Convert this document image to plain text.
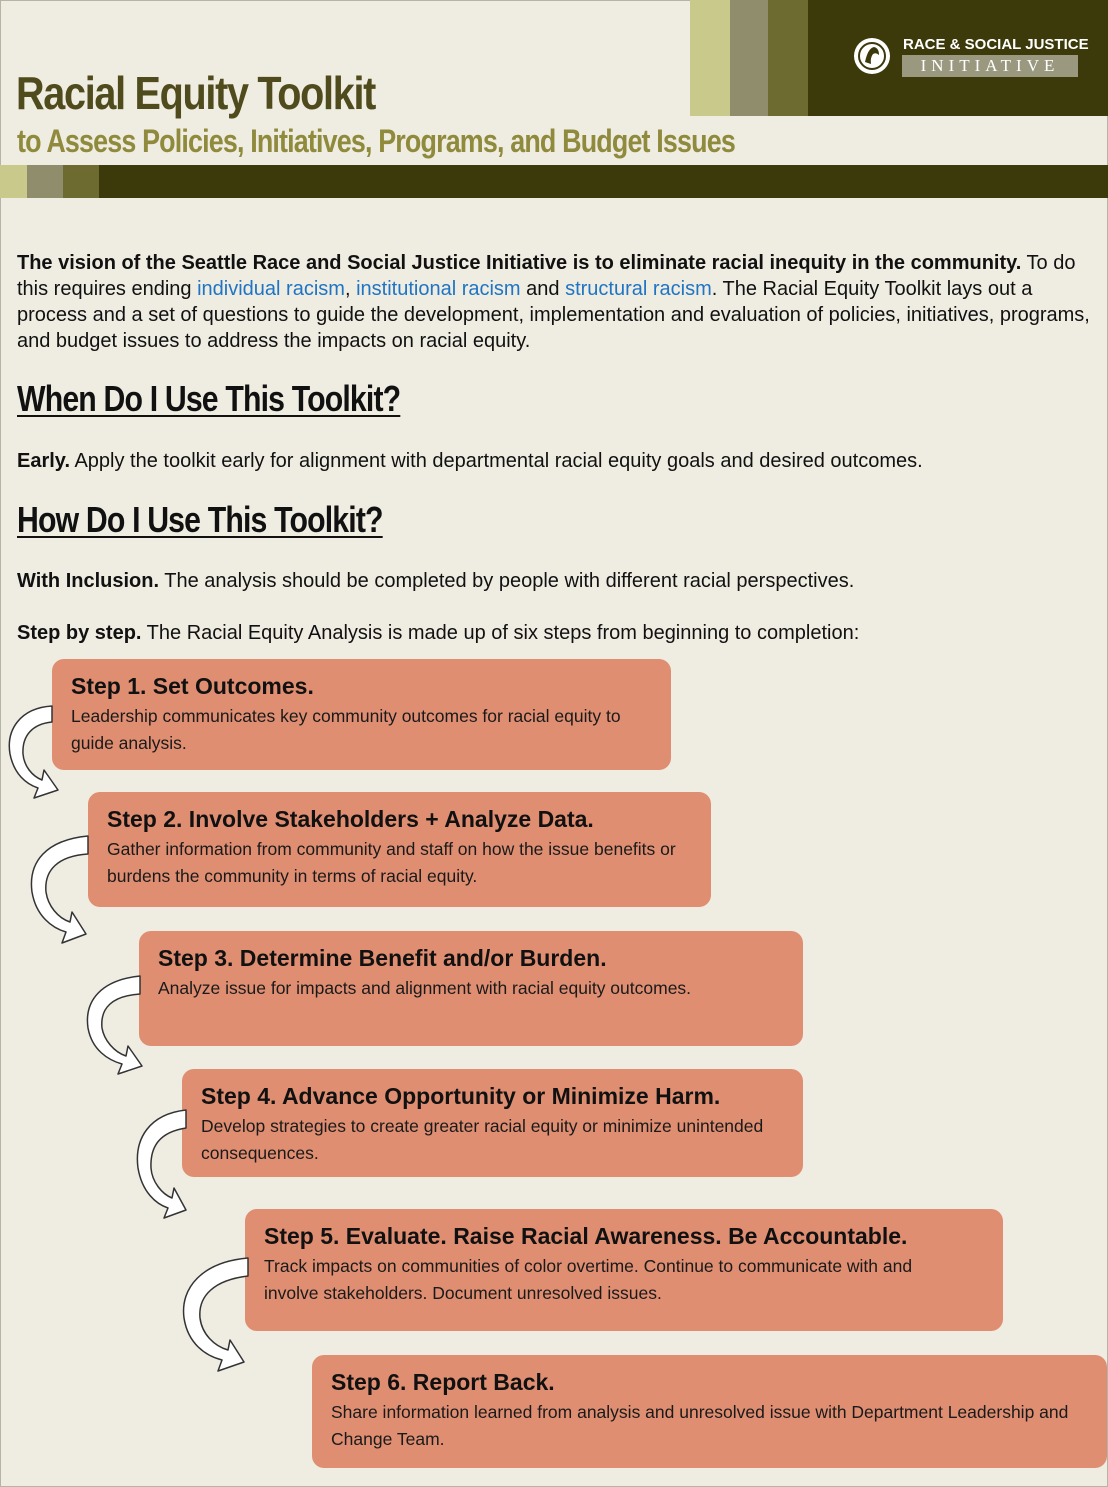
Racial Equity Toolkit
to Assess Policies, Initiatives, Programs, and Budget Issues
RACE & SOCIAL JUSTICE
INITIATIVE

The vision of the Seattle Race and Social Justice Initiative is to eliminate racial inequity in the community. To do this requires ending individual racism, institutional racism and structural racism. The Racial Equity Toolkit lays out a process and a set of questions to guide the development, implementation and evaluation of policies, initiatives, programs, and budget issues to address the impacts on racial equity.

When Do I Use This Toolkit?

Early. Apply the toolkit early for alignment with departmental racial equity goals and desired outcomes.

How Do I Use This Toolkit?

With Inclusion. The analysis should be completed by people with different racial perspectives.

Step by step. The Racial Equity Analysis is made up of six steps from beginning to completion:

Step 1. Set Outcomes.
Leadership communicates key community outcomes for racial equity to guide analysis.
Step 2. Involve Stakeholders + Analyze Data.
Gather information from community and staff on how the issue benefits or burdens the community in terms of racial equity.
Step 3. Determine Benefit and/or Burden.
Analyze issue for impacts and alignment with racial equity outcomes.
Step 4. Advance Opportunity or Minimize Harm.
Develop strategies to create greater racial equity or minimize unintended consequences.
Step 5. Evaluate. Raise Racial Awareness. Be Accountable.
Track impacts on communities of color overtime. Continue to communicate with and involve stakeholders. Document unresolved issues.
Step 6. Report Back.
Share information learned from analysis and unresolved issue with Department Leadership and Change Team.
